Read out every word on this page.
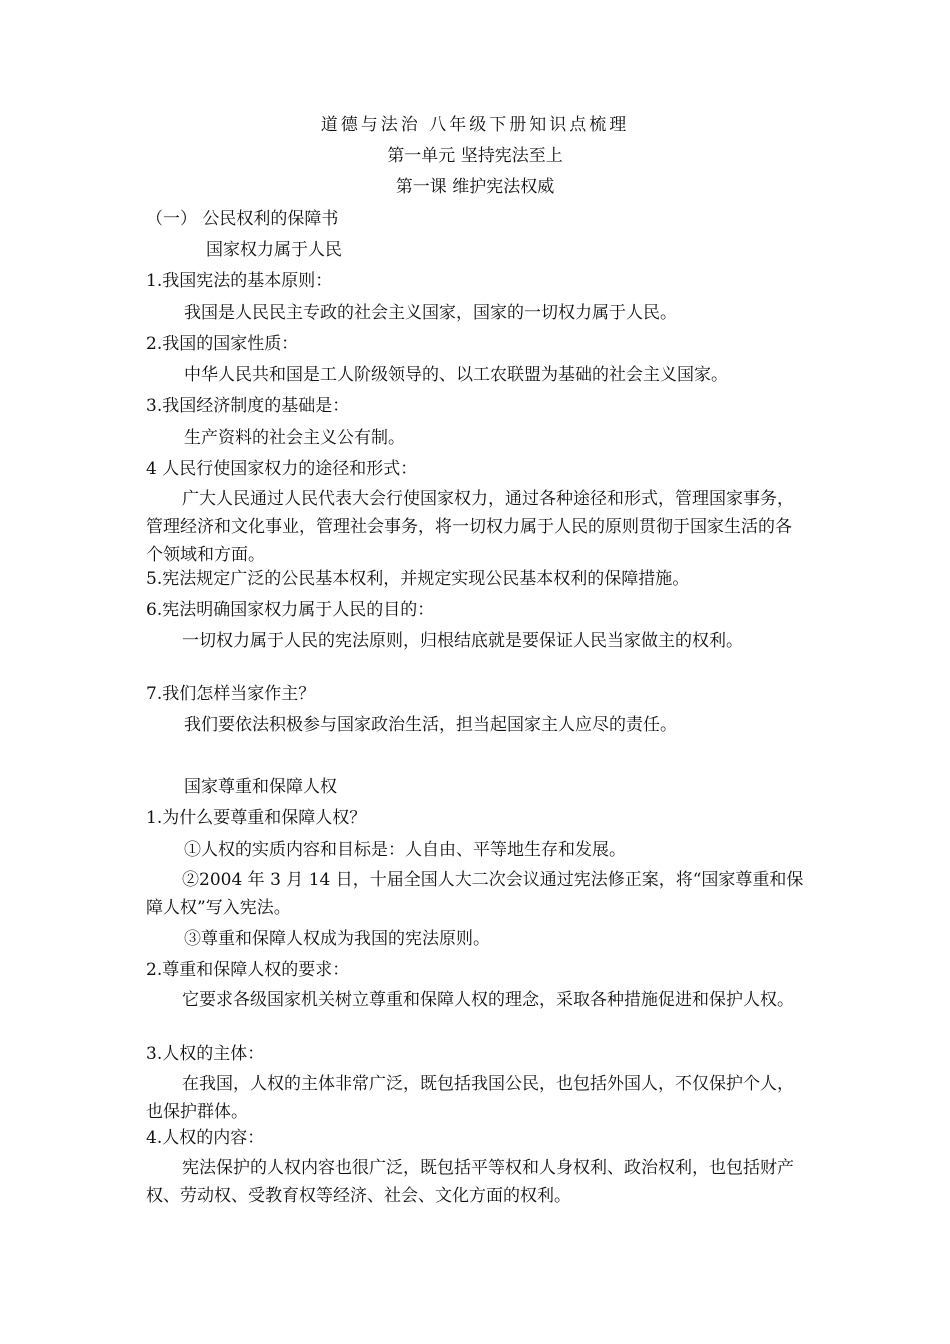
道德与法治 八年级下册知识点梳理
第一单元 坚持宪法至上
第一课 维护宪法权威
（一） 公民权利的保障书
国家权力属于人民
1.我国宪法的基本原则：
我国是人民民主专政的社会主义国家，国家的一切权力属于人民。
2.我国的国家性质：
中华人民共和国是工人阶级领导的、以工农联盟为基础的社会主义国家。
3.我国经济制度的基础是：
生产资料的社会主义公有制。
4 人民行使国家权力的途径和形式：
广大人民通过人民代表大会行使国家权力，通过各种途径和形式，管理国家事务，管理经济和文化事业，管理社会事务，将一切权力属于人民的原则贯彻于国家生活的各个领域和方面。
5.宪法规定广泛的公民基本权利，并规定实现公民基本权利的保障措施。
6.宪法明确国家权力属于人民的目的：
一切权力属于人民的宪法原则，归根结底就是要保证人民当家做主的权利。
7.我们怎样当家作主？
我们要依法积极参与国家政治生活，担当起国家主人应尽的责任。
国家尊重和保障人权
1.为什么要尊重和保障人权？
①人权的实质内容和目标是：人自由、平等地生存和发展。
②2004 年 3 月 14 日，十届全国人大二次会议通过宪法修正案，将“国家尊重和保障人权”写入宪法。
③尊重和保障人权成为我国的宪法原则。
2.尊重和保障人权的要求：
它要求各级国家机关树立尊重和保障人权的理念，采取各种措施促进和保护人权。
3.人权的主体：
在我国，人权的主体非常广泛，既包括我国公民，也包括外国人，不仅保护个人，也保护群体。
4.人权的内容：
宪法保护的人权内容也很广泛，既包括平等权和人身权利、政治权利，也包括财产权、劳动权、受教育权等经济、社会、文化方面的权利。
